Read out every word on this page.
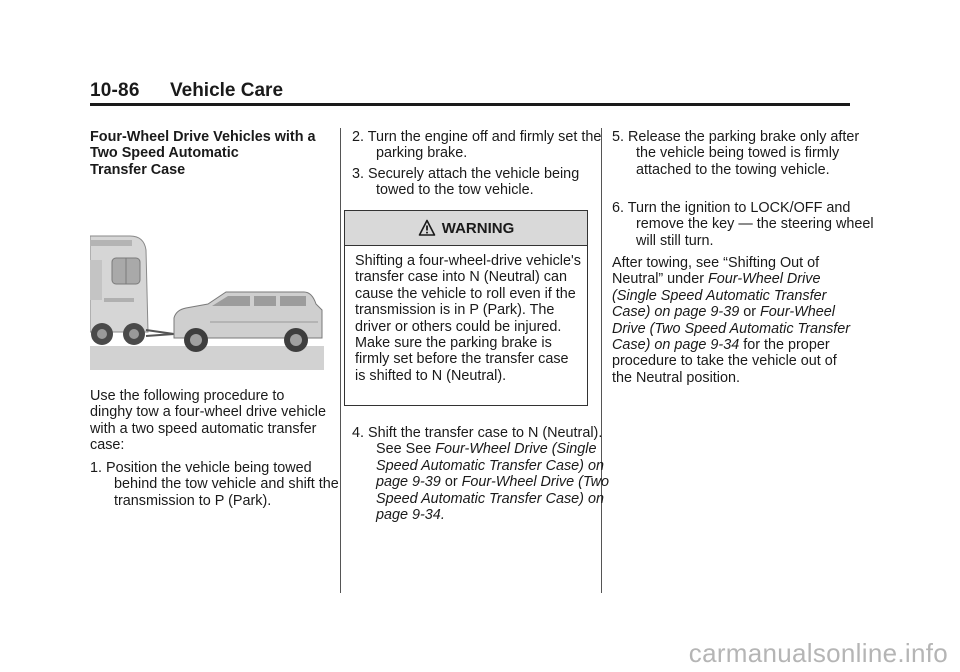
10-86 Vehicle Care
Four-Wheel Drive Vehicles with a
Two Speed Automatic
Transfer Case
Use the following procedure to dinghy tow a four-wheel drive vehicle with a two speed automatic transfer case:
1. Position the vehicle being towed behind the tow vehicle and shift the transmission to P (Park).
2. Turn the engine off and firmly set the parking brake.
3. Securely attach the vehicle being towed to the tow vehicle.
WARNING
Shifting a four-wheel-drive vehicle's transfer case into N (Neutral) can cause the vehicle to roll even if the transmission is in P (Park). The driver or others could be injured. Make sure the parking brake is firmly set before the transfer case is shifted to N (Neutral).
4. Shift the transfer case to N (Neutral). See See Four-Wheel Drive (Single Speed Automatic Transfer Case) on page 9-39 or Four-Wheel Drive (Two Speed Automatic Transfer Case) on page 9-34.
5. Release the parking brake only after the vehicle being towed is firmly attached to the towing vehicle.
6. Turn the ignition to LOCK/OFF and remove the key — the steering wheel will still turn.
After towing, see “Shifting Out of Neutral” under Four-Wheel Drive (Single Speed Automatic Transfer Case) on page 9-39 or Four-Wheel Drive (Two Speed Automatic Transfer Case) on page 9-34 for the proper procedure to take the vehicle out of the Neutral position.
carmanualsonline.info
